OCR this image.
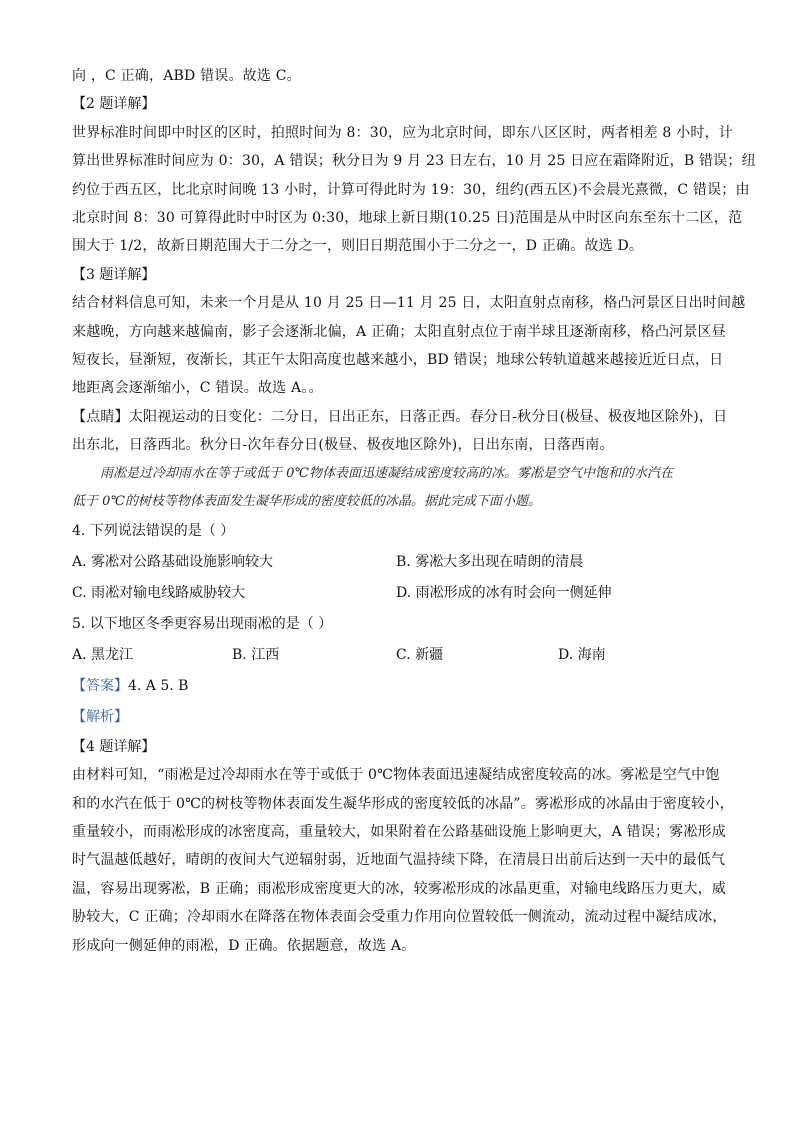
向 ，C 正确，ABD 错误。故选 C。
【2 题详解】
世界标准时间即中时区的区时，拍照时间为 8：30，应为北京时间，即东八区区时，两者相差 8 小时，计
算出世界标准时间应为 0：30，A 错误；秋分日为 9 月 23 日左右，10 月 25 日应在霜降附近，B 错误；纽
约位于西五区，比北京时间晚 13 小时，计算可得此时为 19：30，纽约(西五区)不会晨光熹微，C 错误；由
北京时间 8：30 可算得此时中时区为 0:30，地球上新日期(10.25 日)范围是从中时区向东至东十二区，范
围大于 1/2，故新日期范围大于二分之一，则旧日期范围小于二分之一，D 正确。故选 D。
【3 题详解】
结合材料信息可知，未来一个月是从 10 月 25 日—11 月 25 日，太阳直射点南移，格凸河景区日出时间越
来越晚，方向越来越偏南，影子会逐渐北偏，A 正确；太阳直射点位于南半球且逐渐南移，格凸河景区昼
短夜长，昼渐短，夜渐长，其正午太阳高度也越来越小，BD 错误；地球公转轨道越来越接近近日点，日
地距离会逐渐缩小，C 错误。故选 A。。
【点睛】太阳视运动的日变化：二分日，日出正东，日落正西。春分日-秋分日(极昼、极夜地区除外)，日
出东北，日落西北。秋分日-次年春分日(极昼、极夜地区除外)，日出东南，日落西南。
雨凇是过冷却雨水在等于或低于 0℃物体表面迅速凝结成密度较高的冰。雾凇是空气中饱和的水汽在
低于 0℃的树枝等物体表面发生凝华形成的密度较低的冰晶。据此完成下面小题。
4. 下列说法错误的是（ ）
A. 雾凇对公路基础设施影响较大	B. 雾凇大多出现在晴朗的清晨
C. 雨凇对输电线路威胁较大	D. 雨凇形成的冰有时会向一侧延伸
5. 以下地区冬季更容易出现雨凇的是（ ）
A. 黑龙江	B. 江西	C. 新疆	D. 海南
【答案】4. A 5. B
【解析】
【4 题详解】
由材料可知，“雨凇是过冷却雨水在等于或低于 0℃物体表面迅速凝结成密度较高的冰。雾凇是空气中饱
和的水汽在低于 0℃的树枝等物体表面发生凝华形成的密度较低的冰晶”。雾凇形成的冰晶由于密度较小，
重量较小，而雨凇形成的冰密度高，重量较大，如果附着在公路基础设施上影响更大，A 错误；雾凇形成
时气温越低越好，晴朗的夜间大气逆辐射弱，近地面气温持续下降，在清晨日出前后达到一天中的最低气
温，容易出现雾凇，B 正确；雨凇形成密度更大的冰，较雾凇形成的冰晶更重，对输电线路压力更大，威
胁较大，C 正确；冷却雨水在降落在物体表面会受重力作用向位置较低一侧流动，流动过程中凝结成冰，
形成向一侧延伸的雨凇，D 正确。依据题意，故选 A。
